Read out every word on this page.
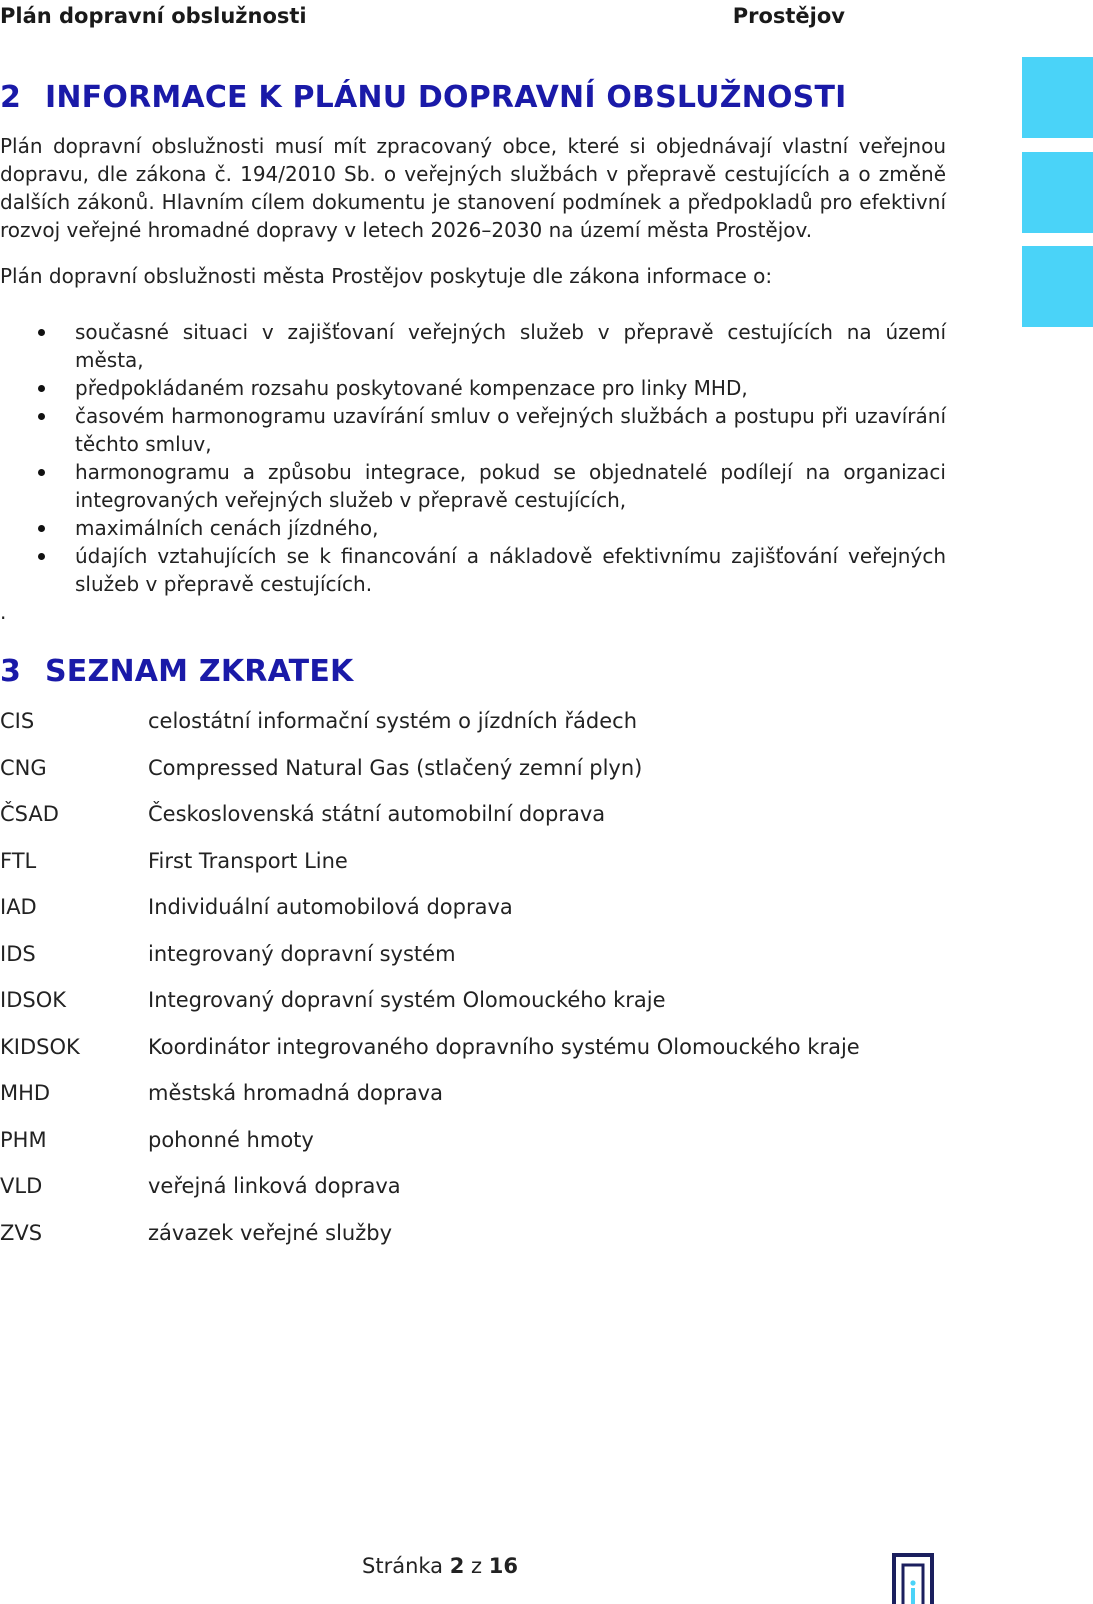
Plán dopravní obslužnosti	Prostějov
2 INFORMACE K PLÁNU DOPRAVNÍ OBSLUŽNOSTI

Plán dopravní obslužnosti musí mít zpracovaný obce, které si objednávají vlastní veřejnou dopravu, dle zákona č. 194/2010 Sb. o veřejných službách v přepravě cestujících a o změně dalších zákonů. Hlavním cílem dokumentu je stanovení podmínek a předpokladů pro efektivní rozvoj veřejné hromadné dopravy v letech 2026–2030 na území města Prostějov.

Plán dopravní obslužnosti města Prostějov poskytuje dle zákona informace o:

současné situaci v zajišťovaní veřejných služeb v přepravě cestujících na území města,
předpokládaném rozsahu poskytované kompenzace pro linky MHD,
časovém harmonogramu uzavírání smluv o veřejných službách a postupu při uzavírání těchto smluv,
harmonogramu a způsobu integrace, pokud se objednatelé podílejí na organizaci integrovaných veřejných služeb v přepravě cestujících,
maximálních cenách jízdného,
údajích vztahujících se k financování a nákladově efektivnímu zajišťování veřejných služeb v přepravě cestujících.
.
3 SEZNAM ZKRATEK
CIS	celostátní informační systém o jízdních řádech
CNG	Compressed Natural Gas (stlačený zemní plyn)
ČSAD	Československá státní automobilní doprava
FTL	First Transport Line
IAD	Individuální automobilová doprava
IDS	integrovaný dopravní systém
IDSOK	Integrovaný dopravní systém Olomouckého kraje
KIDSOK	Koordinátor integrovaného dopravního systému Olomouckého kraje
MHD	městská hromadná doprava
PHM	pohonné hmoty
VLD	veřejná linková doprava
ZVS	závazek veřejné služby
Stránka 2 z 16
